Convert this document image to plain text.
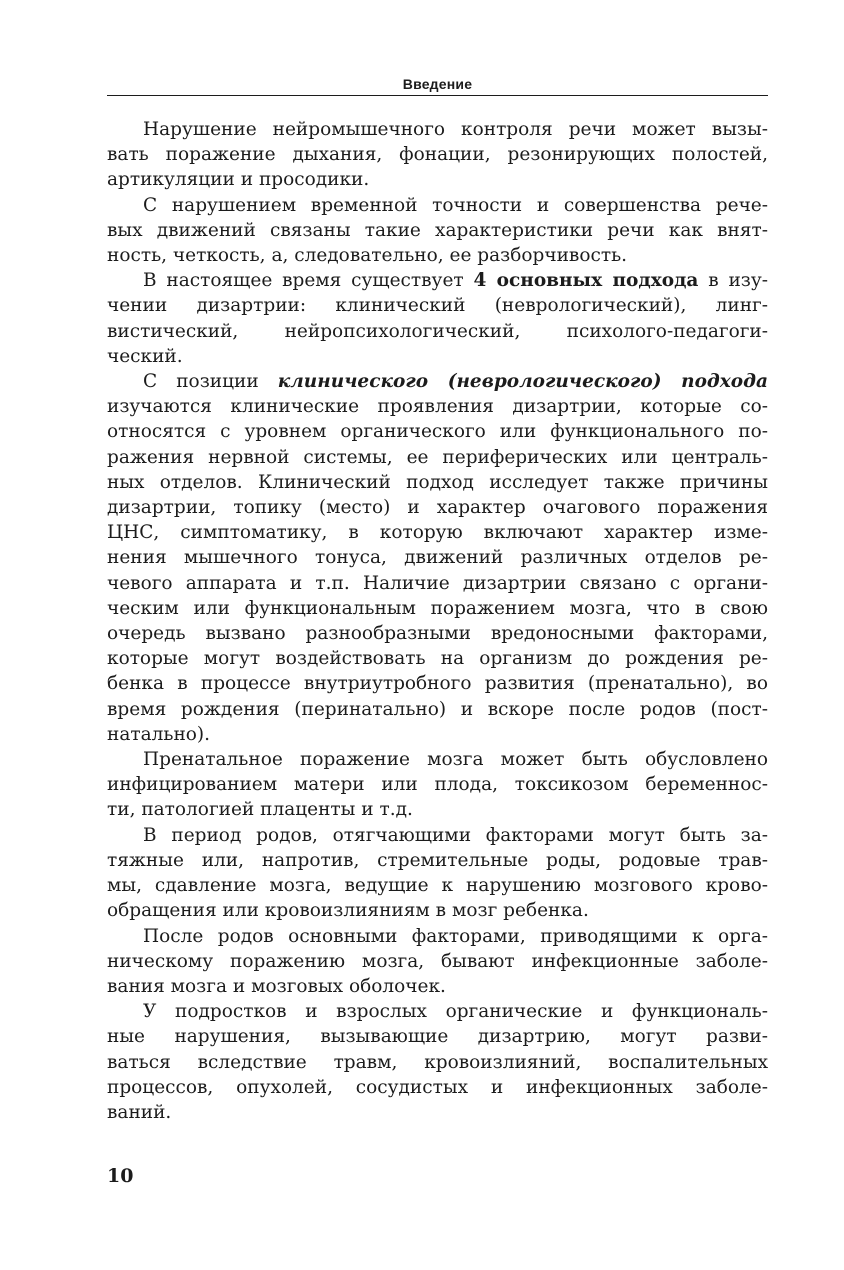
Введение

Нарушение нейромышечного контроля речи может вызы-
вать поражение дыхания, фонации, резонирующих полостей,
артикуляции и просодики.

С нарушением временной точности и совершенства рече-
вых движений связаны такие характеристики речи как внят-
ность, четкость, а, следовательно, ее разборчивость.

В настоящее время существует 4 основных подхода в изу-
чении дизартрии: клинический (неврологический), линг-
вистический, нейропсихологический, психолого-педагоги-
ческий.

С позиции клинического (неврологического) подхода
изучаются клинические проявления дизартрии, которые со-
относятся с уровнем органического или функционального по-
ражения нервной системы, ее периферических или централь-
ных отделов. Клинический подход исследует также причины
дизартрии, топику (место) и характер очагового поражения
ЦНС, симптоматику, в которую включают характер изме-
нения мышечного тонуса, движений различных отделов ре-
чевого аппарата и т.п. Наличие дизартрии связано с органи-
ческим или функциональным поражением мозга, что в свою
очередь вызвано разнообразными вредоносными факторами,
которые могут воздействовать на организм до рождения ре-
бенка в процессе внутриутробного развития (пренатально), во
время рождения (перинатально) и вскоре после родов (пост-
натально).

Пренатальное поражение мозга может быть обусловлено
инфицированием матери или плода, токсикозом беременнос-
ти, патологией плаценты и т.д.

В период родов, отягчающими факторами могут быть за-
тяжные или, напротив, стремительные роды, родовые трав-
мы, сдавление мозга, ведущие к нарушению мозгового крово-
обращения или кровоизлияниям в мозг ребенка.

После родов основными факторами, приводящими к орга-
ническому поражению мозга, бывают инфекционные заболе-
вания мозга и мозговых оболочек.

У подростков и взрослых органические и функциональ-
ные нарушения, вызывающие дизартрию, могут разви-
ваться вследствие травм, кровоизлияний, воспалительных
процессов, опухолей, сосудистых и инфекционных заболе-
ваний.

10
